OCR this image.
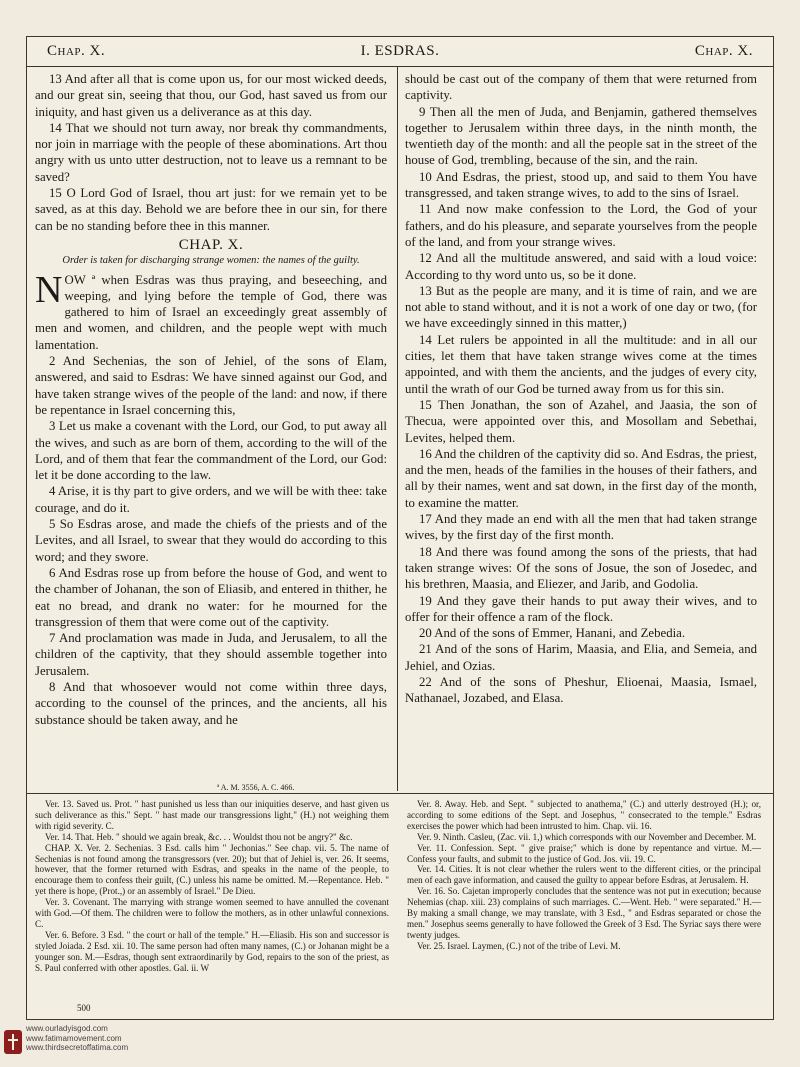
Chap. X.	I. ESDRAS.	Chap. X.

13 And after all that is come upon us, for our most wicked deeds, and our great sin, seeing that thou, our God, hast saved us from our iniquity, and hast given us a deliverance as at this day.

14 That we should not turn away, nor break thy commandments, nor join in marriage with the people of these abominations. Art thou angry with us unto utter destruction, not to leave us a remnant to be saved?

15 O Lord God of Israel, thou art just: for we remain yet to be saved, as at this day. Behold we are before thee in our sin, for there can be no standing before thee in this manner.

CHAP. X.
Order is taken for discharging strange women: the names of the guilty.

NOW ª when Esdras was thus praying, and beseeching, and weeping, and lying before the temple of God, there was gathered to him of Israel an exceedingly great assembly of men and women, and children, and the people wept with much lamentation.

2 And Sechenias, the son of Jehiel, of the sons of Elam, answered, and said to Esdras: We have sinned against our God, and have taken strange wives of the people of the land: and now, if there be repentance in Israel concerning this,

3 Let us make a covenant with the Lord, our God, to put away all the wives, and such as are born of them, according to the will of the Lord, and of them that fear the commandment of the Lord, our God: let it be done according to the law.

4 Arise, it is thy part to give orders, and we will be with thee: take courage, and do it.

5 So Esdras arose, and made the chiefs of the priests and of the Levites, and all Israel, to swear that they would do according to this word; and they swore.

6 And Esdras rose up from before the house of God, and went to the chamber of Johanan, the son of Eliasib, and entered in thither, he eat no bread, and drank no water: for he mourned for the transgression of them that were come out of the captivity.

7 And proclamation was made in Juda, and Jerusalem, to all the children of the captivity, that they should assemble together into Jerusalem.

8 And that whosoever would not come within three days, according to the counsel of the princes, and the ancients, all his substance should be taken away, and he

should be cast out of the company of them that were returned from captivity.

9 Then all the men of Juda, and Benjamin, gathered themselves together to Jerusalem within three days, in the ninth month, the twentieth day of the month: and all the people sat in the street of the house of God, trembling, because of the sin, and the rain.

10 And Esdras, the priest, stood up, and said to them You have transgressed, and taken strange wives, to add to the sins of Israel.

11 And now make confession to the Lord, the God of your fathers, and do his pleasure, and separate yourselves from the people of the land, and from your strange wives.

12 And all the multitude answered, and said with a loud voice: According to thy word unto us, so be it done.

13 But as the people are many, and it is time of rain, and we are not able to stand without, and it is not a work of one day or two, (for we have exceedingly sinned in this matter,)

14 Let rulers be appointed in all the multitude: and in all our cities, let them that have taken strange wives come at the times appointed, and with them the ancients, and the judges of every city, until the wrath of our God be turned away from us for this sin.

15 Then Jonathan, the son of Azahel, and Jaasia, the son of Thecua, were appointed over this, and Mosollam and Sebethai, Levites, helped them.

16 And the children of the captivity did so. And Esdras, the priest, and the men, heads of the families in the houses of their fathers, and all by their names, went and sat down, in the first day of the month, to examine the matter.

17 And they made an end with all the men that had taken strange wives, by the first day of the first month.

18 And there was found among the sons of the priests, that had taken strange wives: Of the sons of Josue, the son of Josedec, and his brethren, Maasia, and Eliezer, and Jarib, and Godolia.

19 And they gave their hands to put away their wives, and to offer for their offence a ram of the flock.

20 And of the sons of Emmer, Hanani, and Zebedia.

21 And of the sons of Harim, Maasia, and Elia, and Semeia, and Jehiel, and Ozias.

22 And of the sons of Pheshur, Elioenai, Maasia, Ismael, Nathanael, Jozabed, and Elasa.

ª A. M. 3556, A. C. 466.

Ver. 13. Saved us. Prot. " hast punished us less than our iniquities deserve, and hast given us such deliverance as this." Sept. " hast made our transgressions light," (H.) not weighing them with rigid severity. C.

Ver. 14. That. Heb. " should we again break, &c. . . Wouldst thou not be angry?" &c.

CHAP. X. Ver. 2. Sechenias. 3 Esd. calls him " Jechonias." See chap. vii. 5. The name of Sechenias is not found among the transgressors (ver. 20); but that of Jehiel is, ver. 26. It seems, however, that the former returned with Esdras, and speaks in the name of the people, to encourage them to confess their guilt, (C.) unless his name be omitted. M.—Repentance. Heb. " yet there is hope, (Prot.,) or an assembly of Israel." De Dieu.

Ver. 3. Covenant. The marrying with strange women seemed to have annulled the covenant with God.—Of them. The children were to follow the mothers, as in other unlawful connexions. C.

Ver. 6. Before. 3 Esd. " the court or hall of the temple." H.—Eliasib. His son and successor is styled Joiada. 2 Esd. xii. 10. The same person had often many names, (C.) or Johanan might be a younger son. M.—Esdras, though sent extraordinarily by God, repairs to the son of the priest, as S. Paul conferred with other apostles. Gal. ii. W

Ver. 8. Away. Heb. and Sept. " subjected to anathema," (C.) and utterly destroyed (H.); or, according to some editions of the Sept. and Josephus, " consecrated to the temple." Esdras exercises the power which had been intrusted to him. Chap. vii. 16.

Ver. 9. Ninth. Casleu, (Zac. vii. 1,) which corresponds with our November and December. M.

Ver. 11. Confession. Sept. " give praise;" which is done by repentance and virtue. M.—Confess your faults, and submit to the justice of God. Jos. vii. 19. C.

Ver. 14. Cities. It is not clear whether the rulers went to the different cities, or the principal men of each gave information, and caused the guilty to appear before Esdras, at Jerusalem. H.

Ver. 16. So. Cajetan improperly concludes that the sentence was not put in execution; because Nehemias (chap. xiii. 23) complains of such marriages. C.—Went. Heb. " were separated." H.—By making a small change, we may translate, with 3 Esd., " and Esdras separated or chose the men." Josephus seems generally to have followed the Greek of 3 Esd. The Syriac says there were twenty judges.

Ver. 25. Israel. Laymen, (C.) not of the tribe of Levi. M.

500
www.ourladyisgod.com
www.fatimamovement.com
www.thirdsecretoffatima.com
